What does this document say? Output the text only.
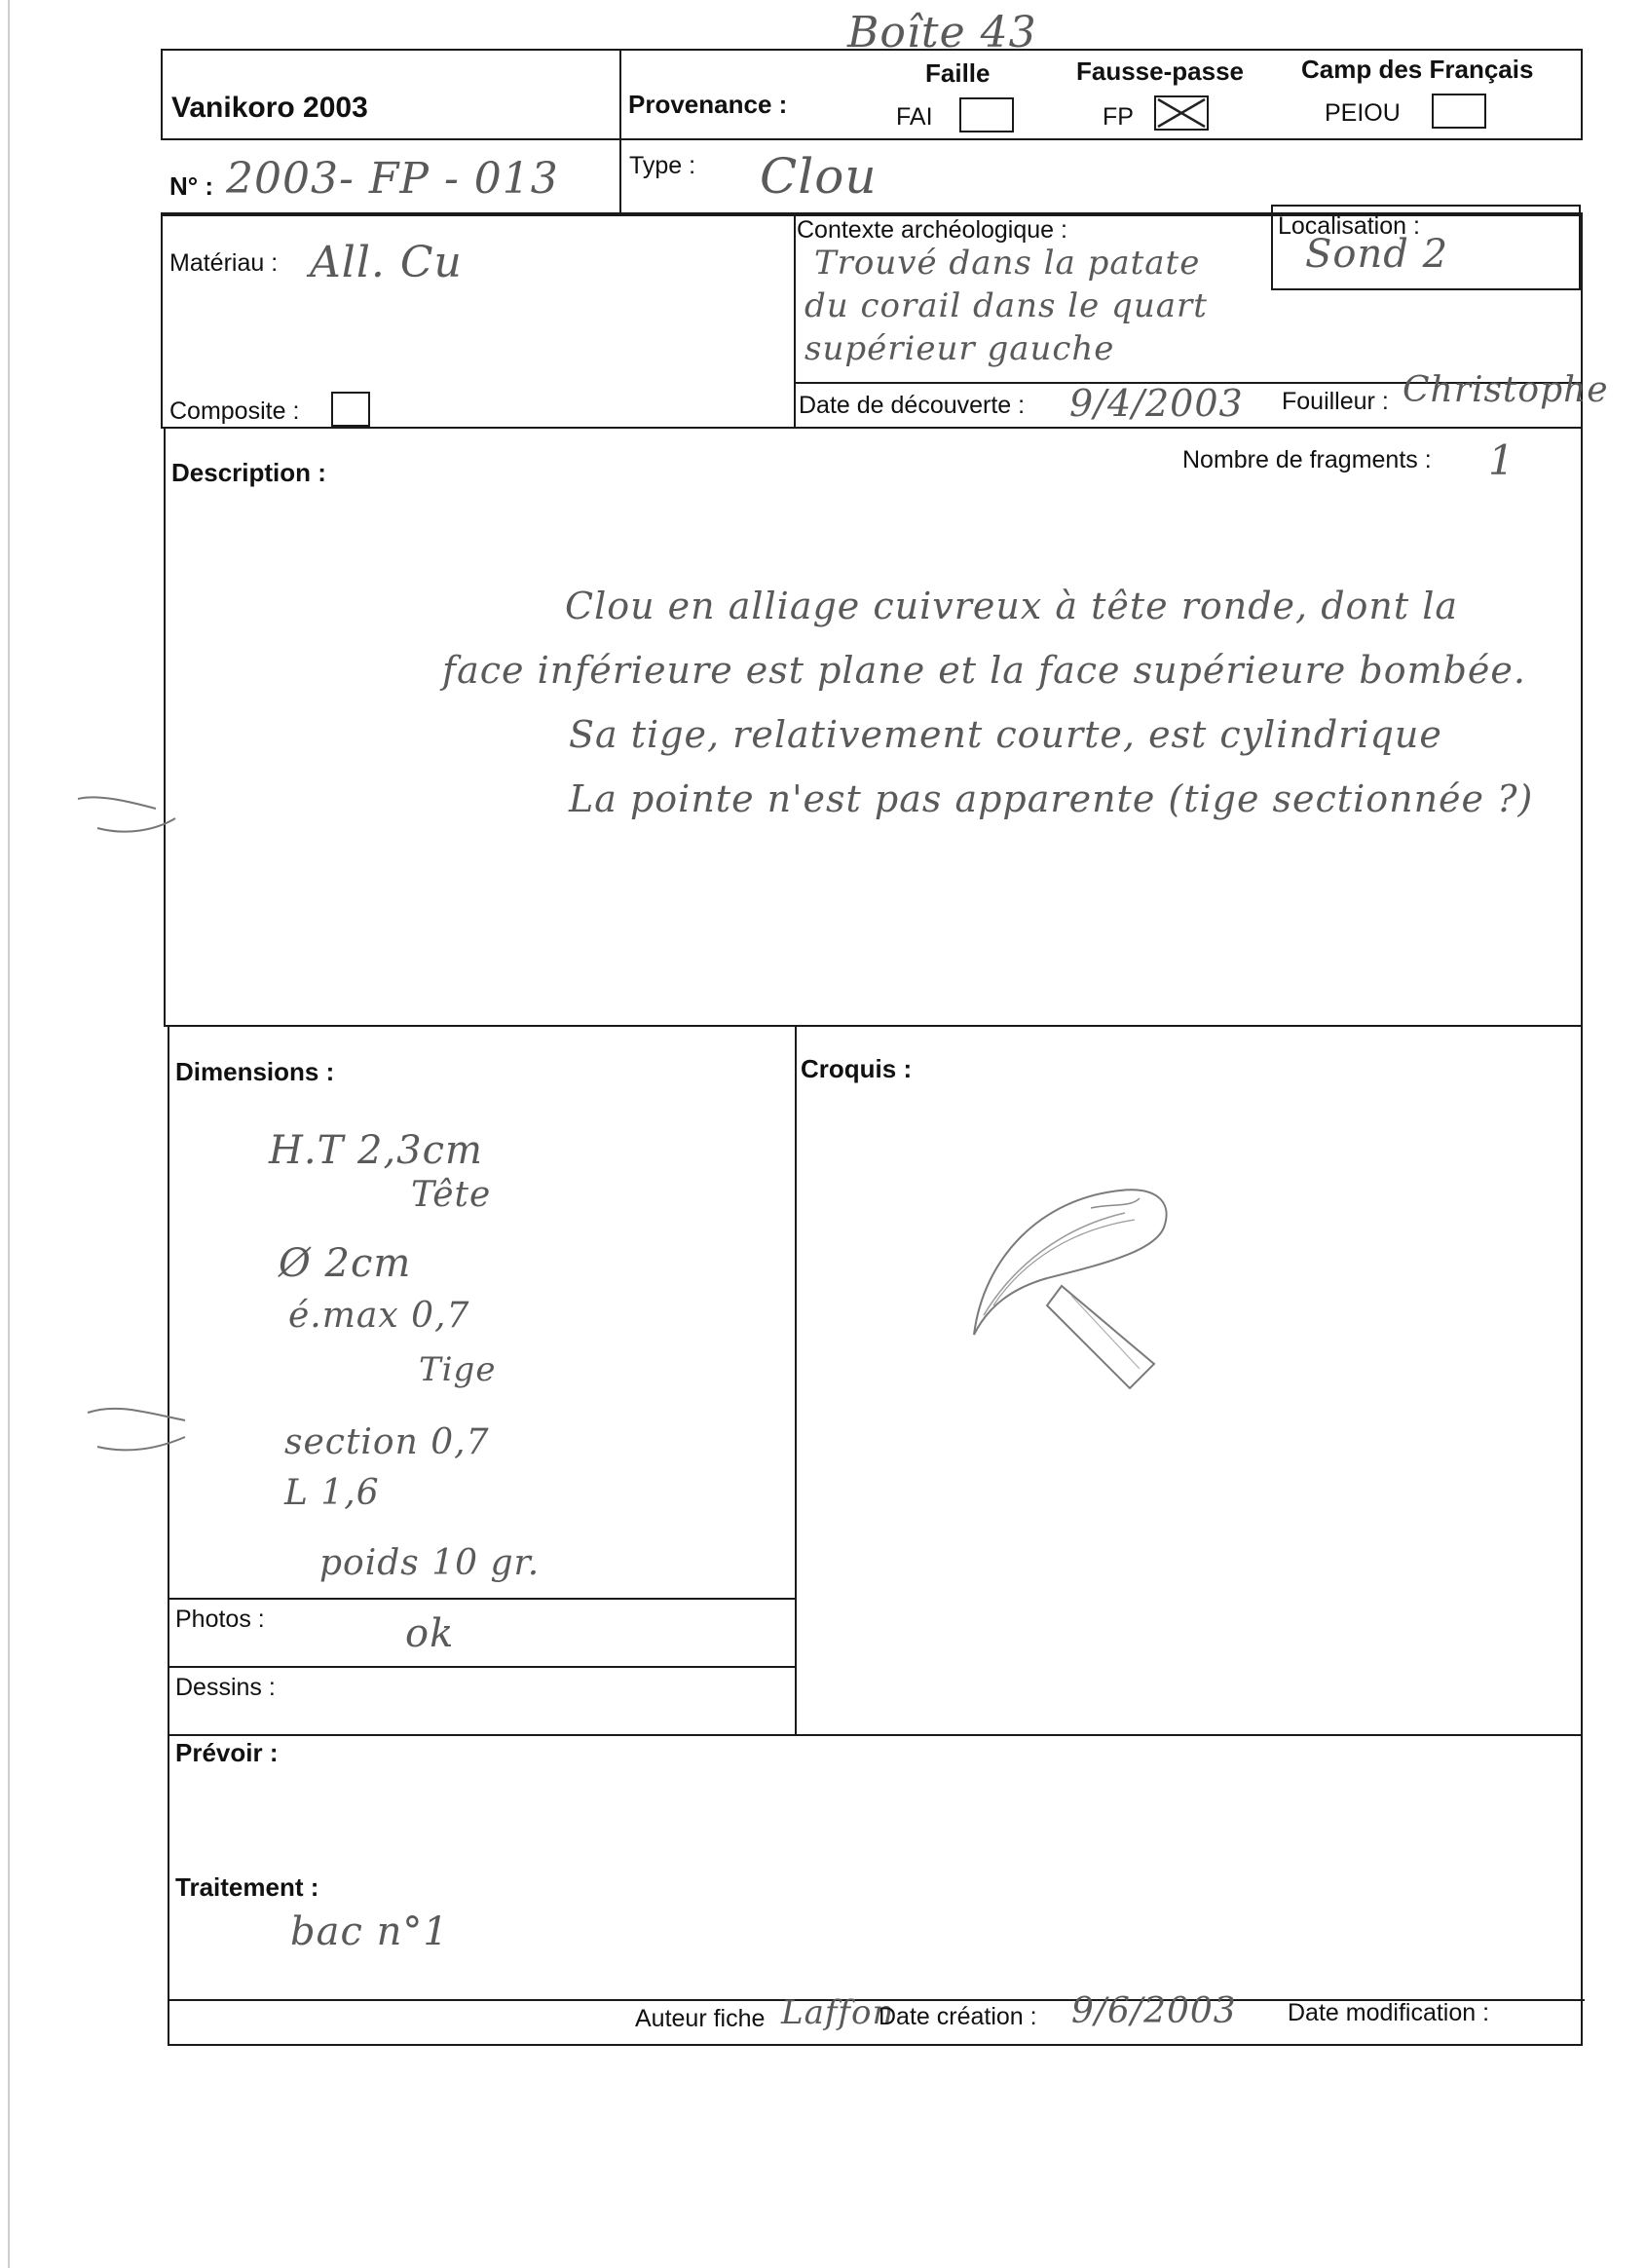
Boîte 43
Vanikoro 2003	Provenance :
Faille
FAI
Fausse-passe
FP
Camp des Français
PEIOU
N° : 2003- FP - 013	Type : Clou
Matériau : All. Cu
Composite :
Contexte archéologique :
Trouvé dans la patate
du corail dans le quart
supérieur gauche
Localisation :
Sond 2
Date de découverte : 9/4/2003 Fouilleur : Christophe
Description :	Nombre de fragments : 1
Clou en alliage cuivreux à tête ronde, dont la
face inférieure est plane et la face supérieure bombée.
Sa tige, relativement courte, est cylindrique
La pointe n'est pas apparente (tige sectionnée ?)
Dimensions :
H.T 2,3cm
Tête
Ø 2cm
é.max 0,7
Tige
section 0,7
L 1,6
poids 10 gr.
Croquis :
Photos :	ok
Dessins :
Prévoir :
Traitement :
bac n°1
Auteur fiche Laffon
Date création : 9/6/2003 Date modification :
